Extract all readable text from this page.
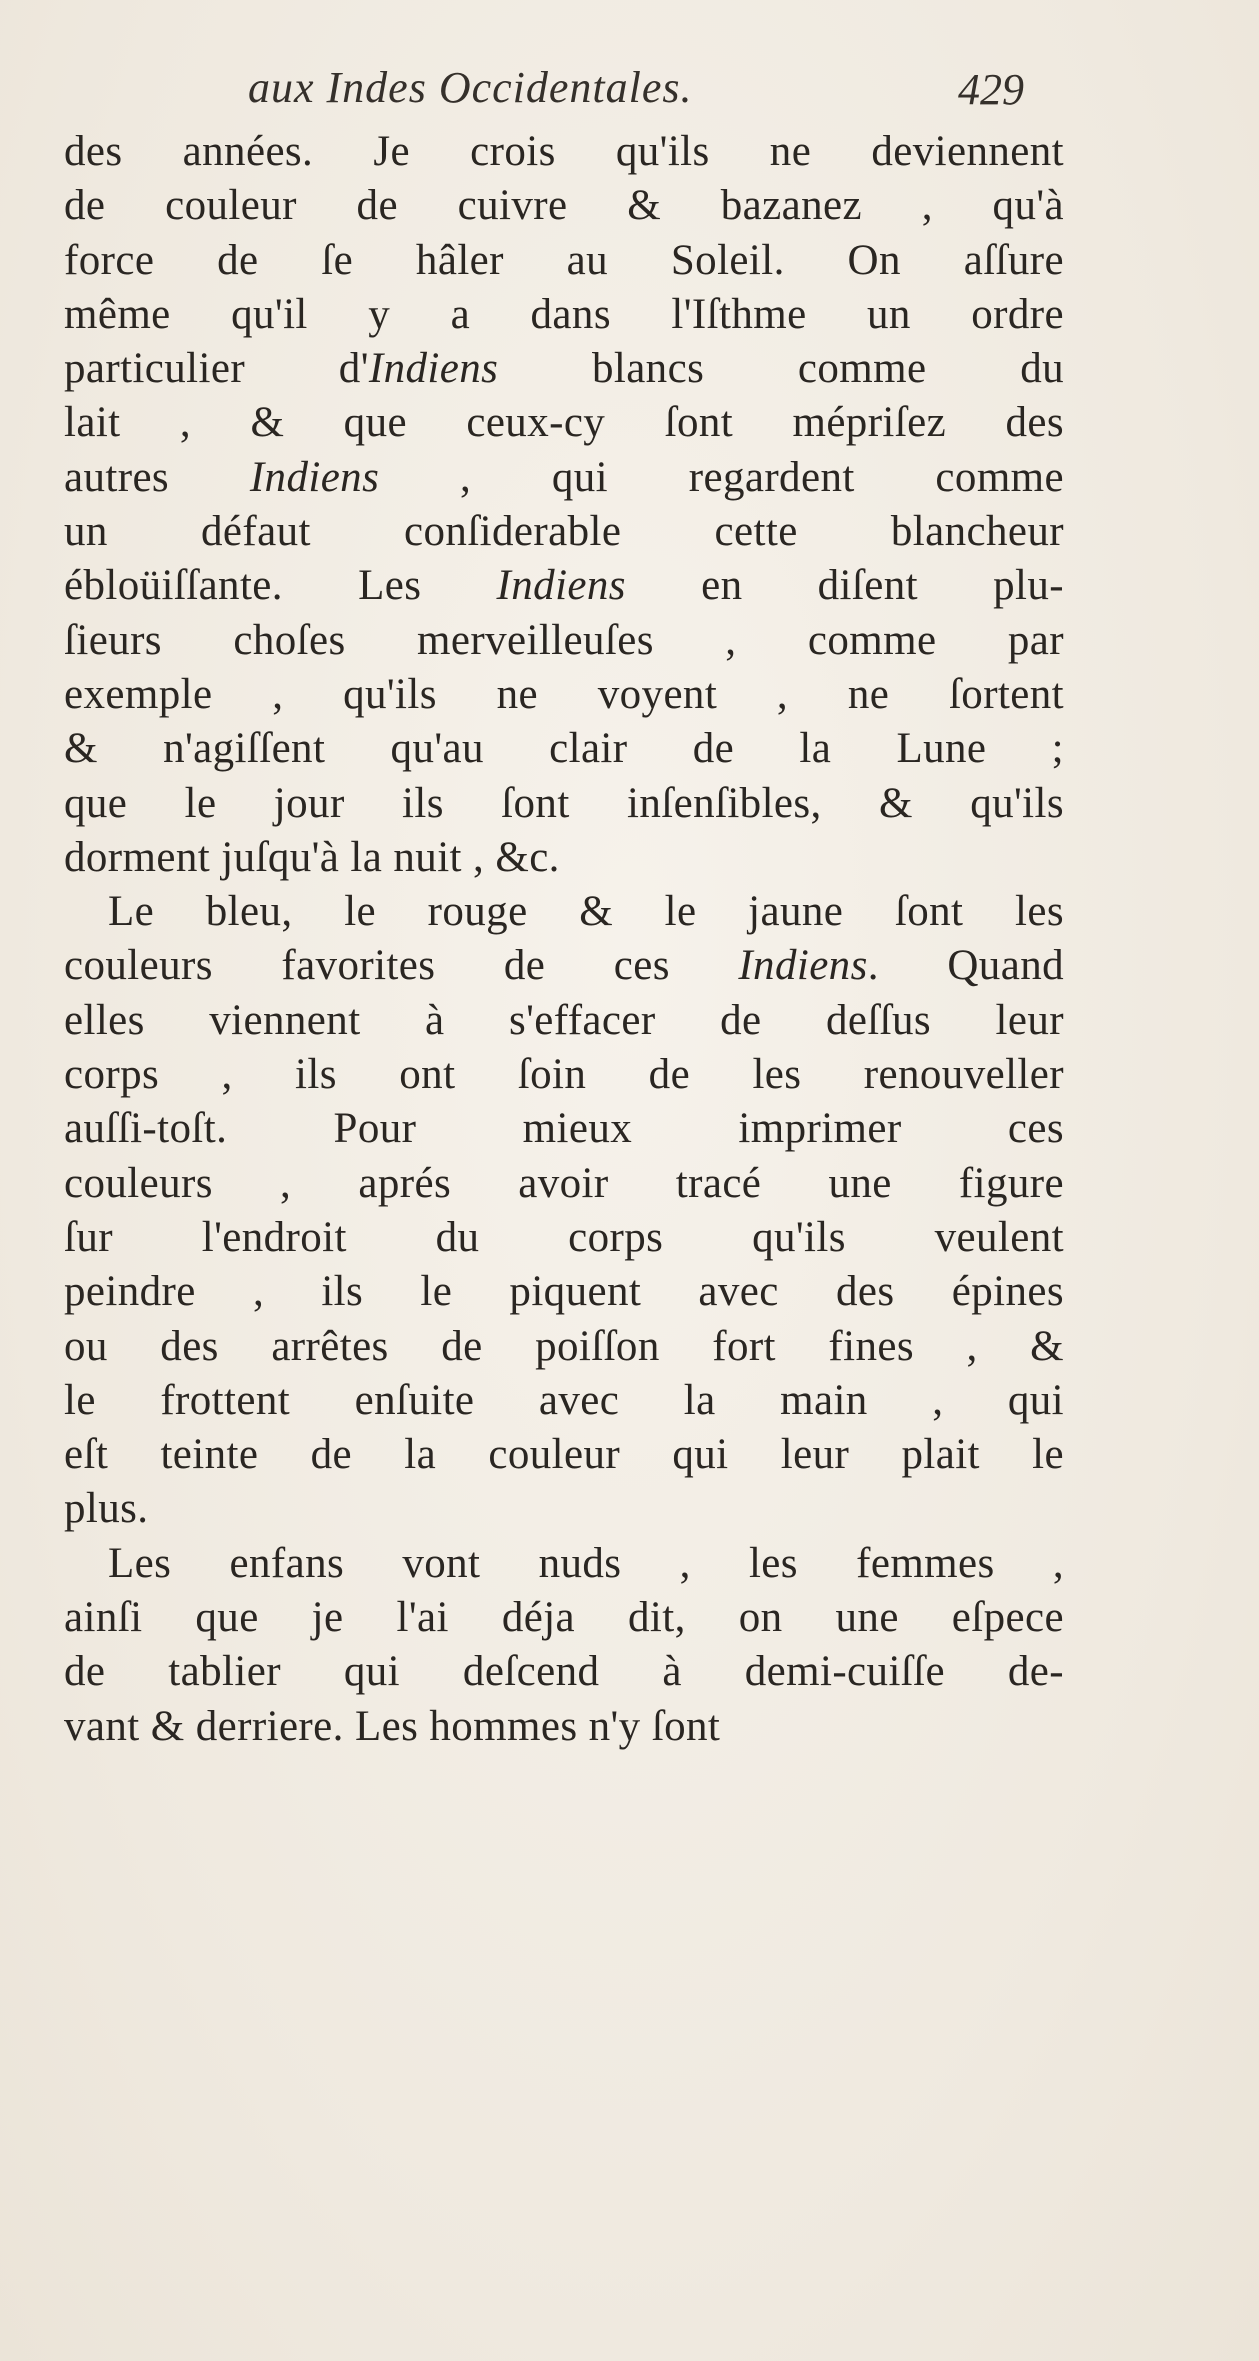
aux Indes Occidentales.	429
des années. Je crois qu'ils ne deviennent
de couleur de cuivre & bazanez , qu'à
force de ſe hâler au Soleil. On aſſure
même qu'il y a dans l'Iſthme un ordre
particulier d'Indiens blancs comme du
lait , & que ceux-cy ſont mépriſez des
autres Indiens , qui regardent comme
un défaut conſiderable cette blancheur
ébloüiſſante. Les Indiens en diſent plu-
ſieurs choſes merveilleuſes , comme par
exemple , qu'ils ne voyent , ne ſortent
& n'agiſſent qu'au clair de la Lune ;
que le jour ils ſont inſenſibles, & qu'ils
dorment juſqu'à la nuit , &c.
Le bleu, le rouge & le jaune ſont les
couleurs favorites de ces Indiens. Quand
elles viennent à s'effacer de deſſus leur
corps , ils ont ſoin de les renouveller
auſſi-toſt. Pour mieux imprimer ces
couleurs , aprés avoir tracé une figure
ſur l'endroit du corps qu'ils veulent
peindre , ils le piquent avec des épines
ou des arrêtes de poiſſon fort fines , &
le frottent enſuite avec la main , qui
eſt teinte de la couleur qui leur plait le
plus.
Les enfans vont nuds , les femmes ,
ainſi que je l'ai déja dit, on une eſpece
de tablier qui deſcend à demi-cuiſſe de-
vant & derriere. Les hommes n'y ſont
